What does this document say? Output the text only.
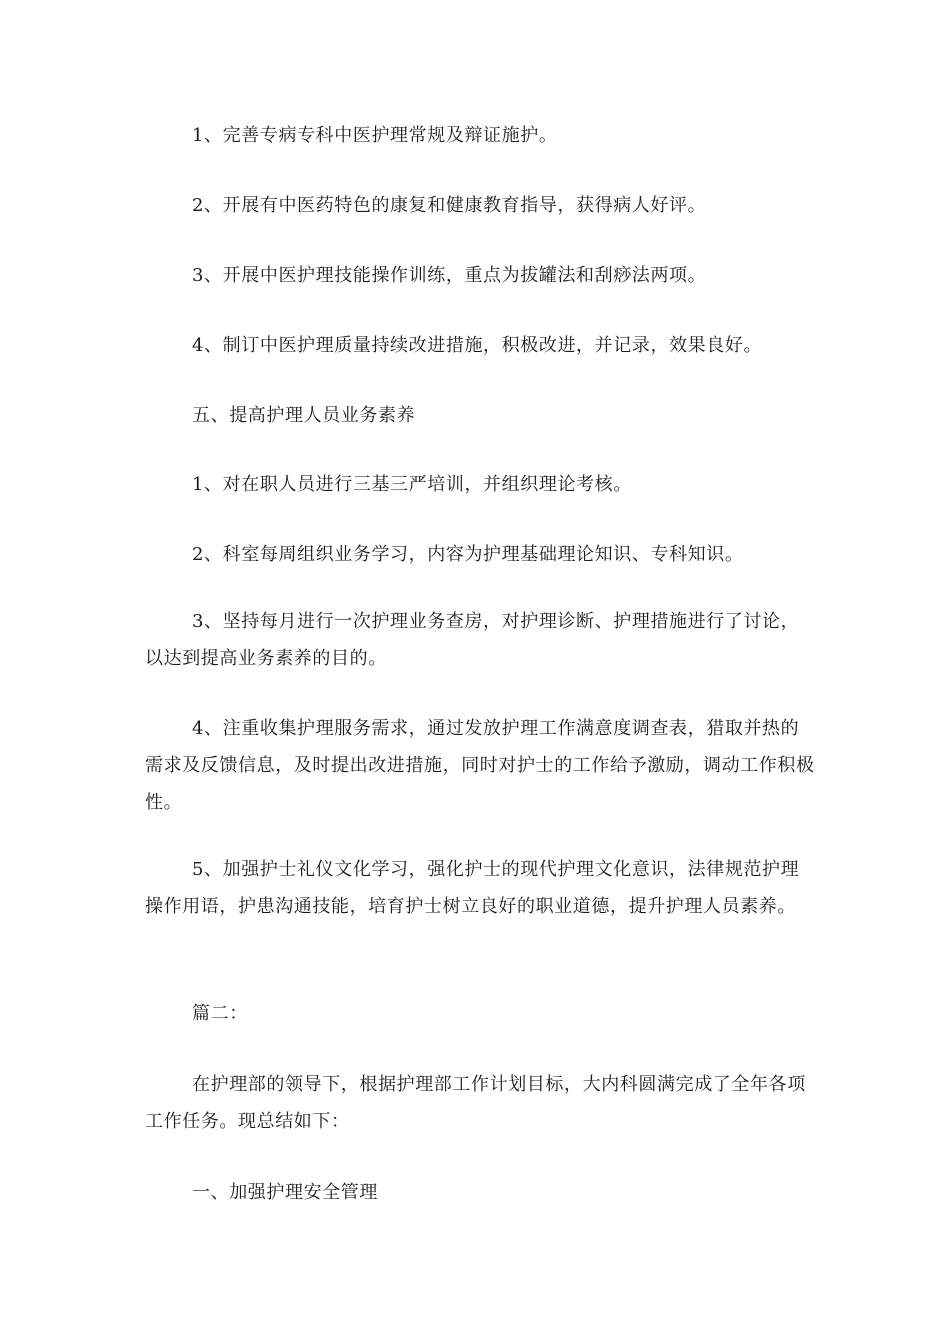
1、完善专病专科中医护理常规及辩证施护。

2、开展有中医药特色的康复和健康教育指导，获得病人好评。

3、开展中医护理技能操作训练，重点为拔罐法和刮痧法两项。

4、制订中医护理质量持续改进措施，积极改进，并记录，效果良好。

五、提高护理人员业务素养

1、对在职人员进行三基三严培训，并组织理论考核。

2、科室每周组织业务学习，内容为护理基础理论知识、专科知识。

3、坚持每月进行一次护理业务查房，对护理诊断、护理措施进行了讨论，以达到提高业务素养的目的。

4、注重收集护理服务需求，通过发放护理工作满意度调查表，猎取并热的需求及反馈信息，及时提出改进措施，同时对护士的工作给予激励，调动工作积极性。

5、加强护士礼仪文化学习，强化护士的现代护理文化意识，法律规范护理操作用语，护患沟通技能，培育护士树立良好的职业道德，提升护理人员素养。

篇二：

在护理部的领导下，根据护理部工作计划目标，大内科圆满完成了全年各项工作任务。现总结如下：

一、加强护理安全管理
